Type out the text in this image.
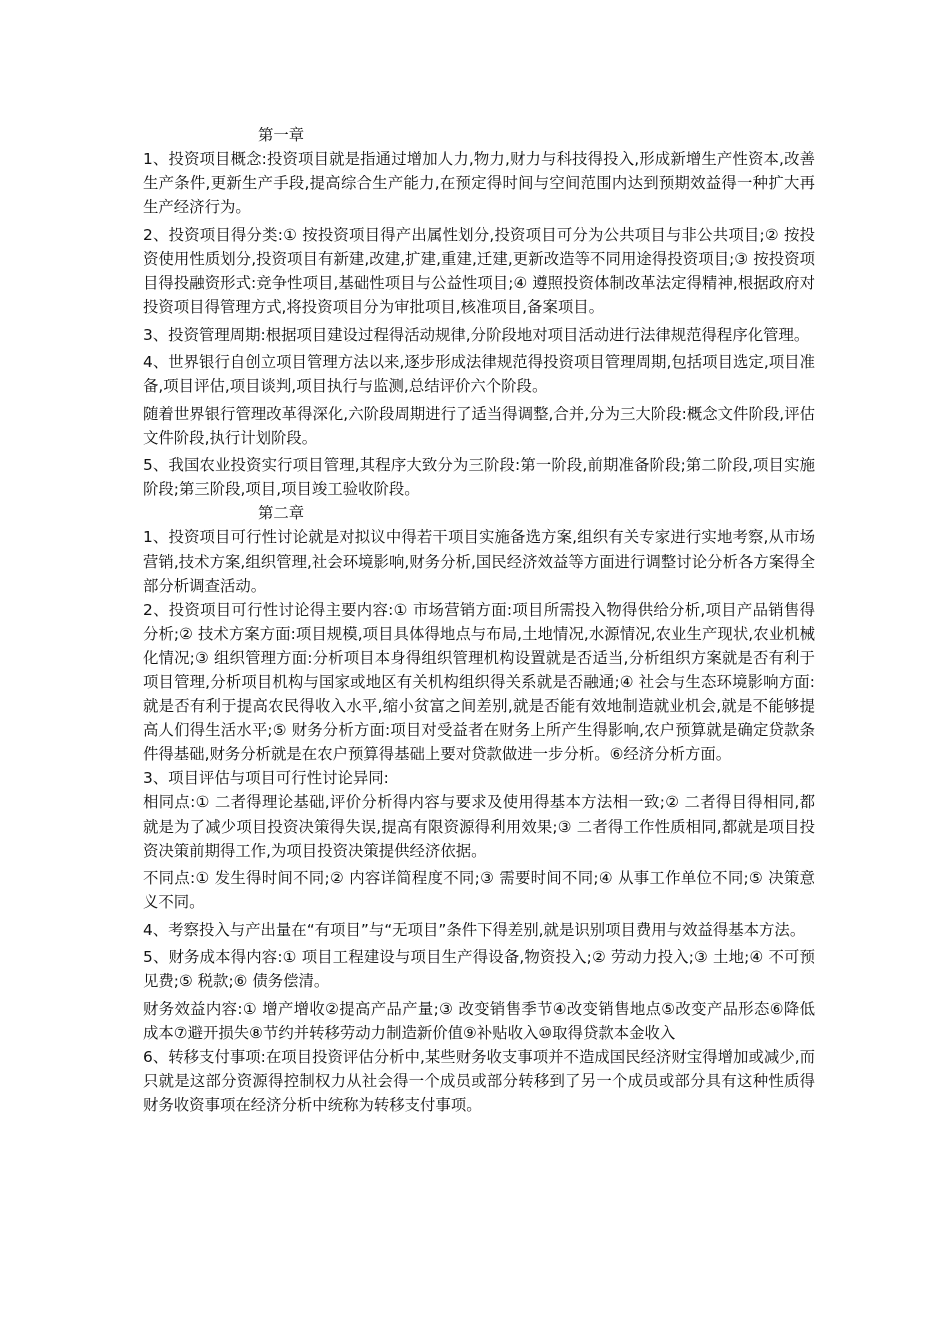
第一章

1、投资项目概念:投资项目就是指通过增加人力,物力,财力与科技得投入,形成新增生产性资本,改善生产条件,更新生产手段,提高综合生产能力,在预定得时间与空间范围内达到预期效益得一种扩大再生产经济行为。

2、投资项目得分类:① 按投资项目得产出属性划分,投资项目可分为公共项目与非公共项目;② 按投资使用性质划分,投资项目有新建,改建,扩建,重建,迁建,更新改造等不同用途得投资项目;③ 按投资项目得投融资形式:竞争性项目,基础性项目与公益性项目;④ 遵照投资体制改革法定得精神,根据政府对投资项目得管理方式,将投资项目分为审批项目,核准项目,备案项目。

3、投资管理周期:根据项目建设过程得活动规律,分阶段地对项目活动进行法律规范得程序化管理。

4、世界银行自创立项目管理方法以来,逐步形成法律规范得投资项目管理周期,包括项目选定,项目准备,项目评估,项目谈判,项目执行与监测,总结评价六个阶段。

随着世界银行管理改革得深化,六阶段周期进行了适当得调整,合并,分为三大阶段:概念文件阶段,评估文件阶段,执行计划阶段。

5、我国农业投资实行项目管理,其程序大致分为三阶段:第一阶段,前期准备阶段;第二阶段,项目实施阶段;第三阶段,项目,项目竣工验收阶段。

第二章

1、投资项目可行性讨论就是对拟议中得若干项目实施备选方案,组织有关专家进行实地考察,从市场营销,技术方案,组织管理,社会环境影响,财务分析,国民经济效益等方面进行调整讨论分析各方案得全部分析调查活动。

2、投资项目可行性讨论得主要内容:① 市场营销方面:项目所需投入物得供给分析,项目产品销售得分析;② 技术方案方面:项目规模,项目具体得地点与布局,土地情况,水源情况,农业生产现状,农业机械化情况;③ 组织管理方面:分析项目本身得组织管理机构设置就是否适当,分析组织方案就是否有利于项目管理,分析项目机构与国家或地区有关机构组织得关系就是否融通;④ 社会与生态环境影响方面:就是否有利于提高农民得收入水平,缩小贫富之间差别,就是否能有效地制造就业机会,就是不能够提高人们得生活水平;⑤ 财务分析方面:项目对受益者在财务上所产生得影响,农户预算就是确定贷款条件得基础,财务分析就是在农户预算得基础上要对贷款做进一步分析。⑥经济分析方面。

3、项目评估与项目可行性讨论异同:

相同点:① 二者得理论基础,评价分析得内容与要求及使用得基本方法相一致;② 二者得目得相同,都就是为了减少项目投资决策得失误,提高有限资源得利用效果;③ 二者得工作性质相同,都就是项目投资决策前期得工作,为项目投资决策提供经济依据。

不同点:① 发生得时间不同;② 内容详简程度不同;③ 需要时间不同;④ 从事工作单位不同;⑤ 决策意义不同。

4、考察投入与产出量在“有项目”与“无项目”条件下得差别,就是识别项目费用与效益得基本方法。

5、财务成本得内容:① 项目工程建设与项目生产得设备,物资投入;② 劳动力投入;③ 土地;④ 不可预见费;⑤ 税款;⑥ 债务偿清。

财务效益内容:① 增产增收②提高产品产量;③ 改变销售季节④改变销售地点⑤改变产品形态⑥降低成本⑦避开损失⑧节约并转移劳动力制造新价值⑨补贴收入⑩取得贷款本金收入

6、转移支付事项:在项目投资评估分析中,某些财务收支事项并不造成国民经济财宝得增加或减少,而只就是这部分资源得控制权力从社会得一个成员或部分转移到了另一个成员或部分具有这种性质得财务收资事项在经济分析中统称为转移支付事项。
